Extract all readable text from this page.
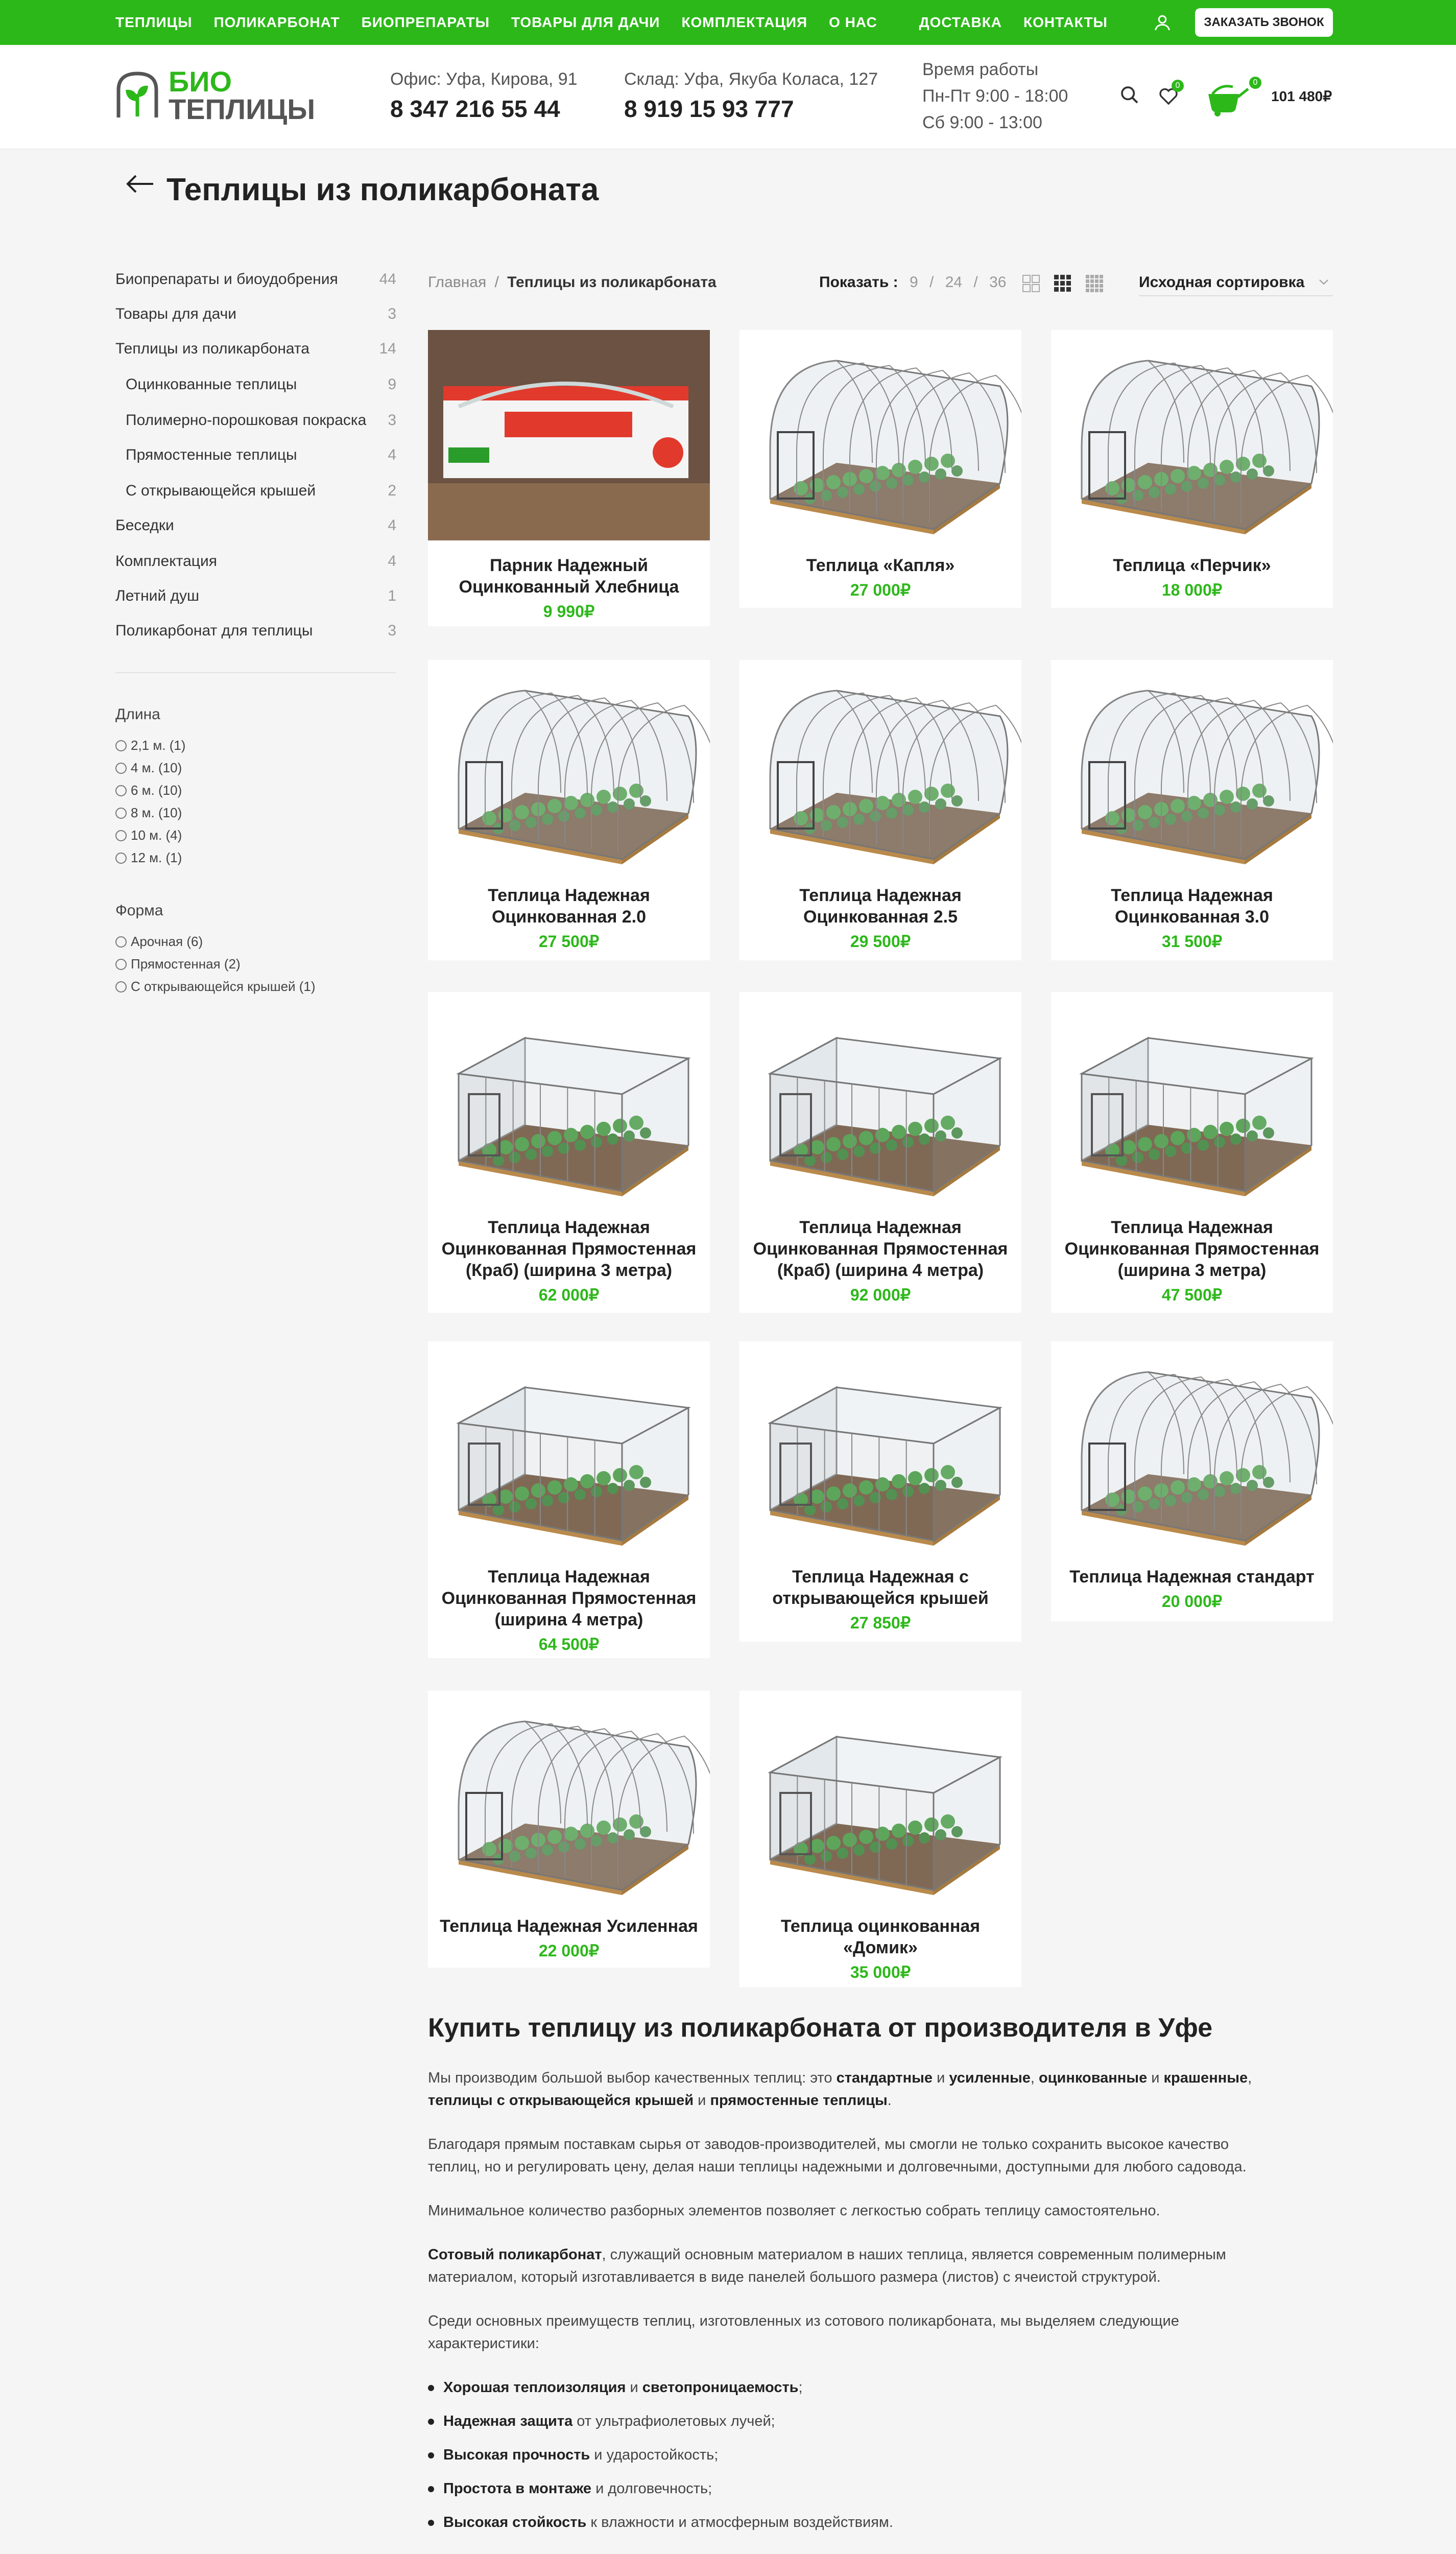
ТЕПЛИЦЫ ПОЛИКАРБОНАТ БИОПРЕПАРАТЫ ТОВАРЫ ДЛЯ ДАЧИ КОМПЛЕКТАЦИЯ О НАС	ДОСТАВКА КОНТАКТЫ	ЗАКАЗАТЬ ЗВОНОК
БИО
ТЕПЛИЦЫ
Офис: Уфа, Кирова, 91
8 347 216 55 44
Склад: Уфа, Якуба Коласа, 127
8 919 15 93 777
Время работы
Пн-Пт 9:00 - 18:00
Сб 9:00 - 13:00
0	0
101 480₽
Теплицы из поликарбоната
Биопрепараты и биоудобрения	44
Товары для дачи	3
Теплицы из поликарбоната	14
Оцинкованные теплицы	9
Полимерно-порошковая покраска 3
Прямостенные теплицы	4
С открывающейся крышей	2
Беседки	4
Комплектация	4
Летний душ	1
Поликарбонат для теплицы	3
Длина
2,1 м. (1)
4 м. (10)
6 м. (10)
8 м. (10)
10 м. (4)
12 м. (1)
Форма
Арочная (6)
Прямостенная (2)
С открывающейся крышей (1)
Главная / Теплицы из поликарбоната	Показать : 9 / 24 / 36	Исходная сортировка
Парник Надежный
Оцинкованный Хлебница
9 990₽
Теплица «Капля»
27 000₽
Теплица «Перчик»
18 000₽
Теплица Надежная
Оцинкованная 2.0
27 500₽
Теплица Надежная
Оцинкованная 2.5
29 500₽
Теплица Надежная
Оцинкованная 3.0
31 500₽
Теплица Надежная
Оцинкованная Прямостенная
(Краб) (ширина 3 метра)
62 000₽
Теплица Надежная
Оцинкованная Прямостенная
(Краб) (ширина 4 метра)
92 000₽
Теплица Надежная
Оцинкованная Прямостенная
(ширина 3 метра)
47 500₽
Теплица Надежная
Оцинкованная Прямостенная
(ширина 4 метра)
64 500₽
Теплица Надежная с
открывающейся крышей
27 850₽
Теплица Надежная стандарт
20 000₽
Теплица Надежная Усиленная
22 000₽
Теплица оцинкованная
«Домик»
35 000₽
Купить теплицу из поликарбоната от производителя в Уфе
Мы производим большой выбор качественных теплиц: это стандартные и усиленные, оцинкованные и крашенные,
теплицы с открывающейся крышей и прямостенные теплицы.
Благодаря прямым поставкам сырья от заводов-производителей, мы смогли не только сохранить высокое качество
теплиц, но и регулировать цену, делая наши теплицы надежными и долговечными, доступными для любого садовода.
Минимальное количество разборных элементов позволяет с легкостью собрать теплицу самостоятельно.
Сотовый поликарбонат, служащий основным материалом в наших теплица, является современным полимерным
материалом, который изготавливается в виде панелей большого размера (листов) с ячеистой структурой.
Среди основных преимуществ теплиц, изготовленных из сотового поликарбоната, мы выделяем следующие
характеристики:
Хорошая теплоизоляция и светопроницаемость;
Надежная защита от ультрафиолетовых лучей;
Высокая прочность и ударостойкость;
Простота в монтаже и долговечность;
Высокая стойкость к влажности и атмосферным воздействиям.
